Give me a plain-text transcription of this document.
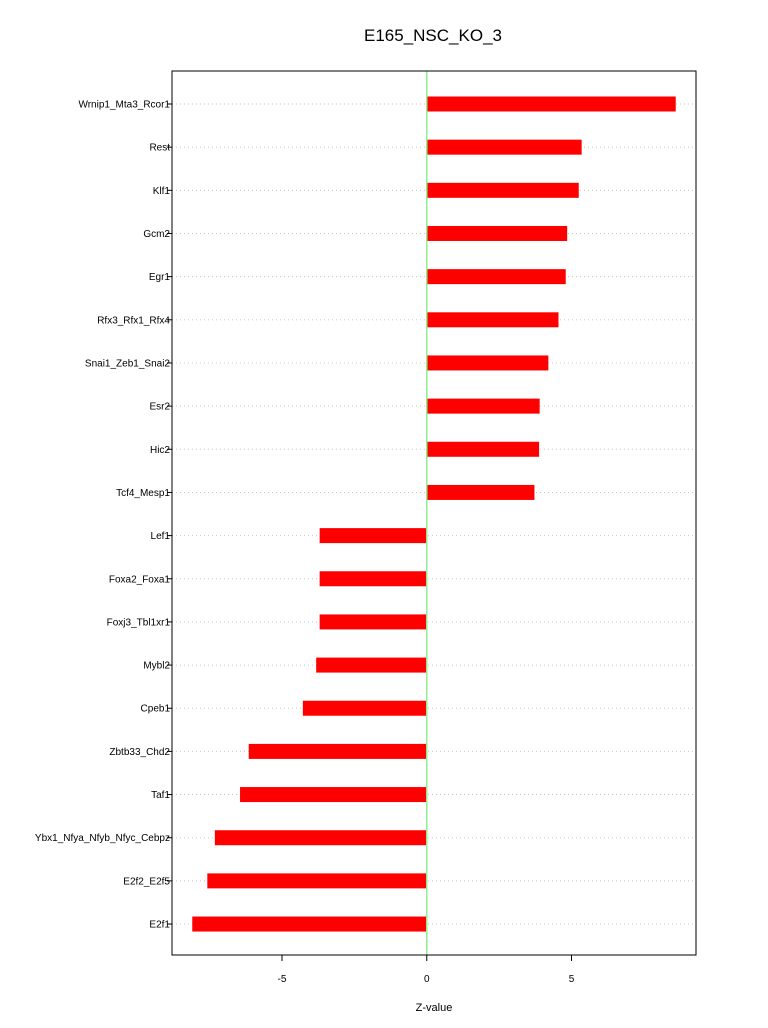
E165_NSC_KO_3
Wrnip1_Mta3_Rcor1
Rest
Klf1
Gcm2
Egr1
Rfx3_Rfx1_Rfx4
Snai1_Zeb1_Snai2
Esr2
Hic2
Tcf4_Mesp1
Lef1
Foxa2_Foxa1
Foxj3_Tbl1xr1
Mybl2
Cpeb1
Zbtb33_Chd2
Taf1
Ybx1_Nfya_Nfyb_Nfyc_Cebpz
E2f2_E2f5
E2f1
-5	0	5
Z-value
